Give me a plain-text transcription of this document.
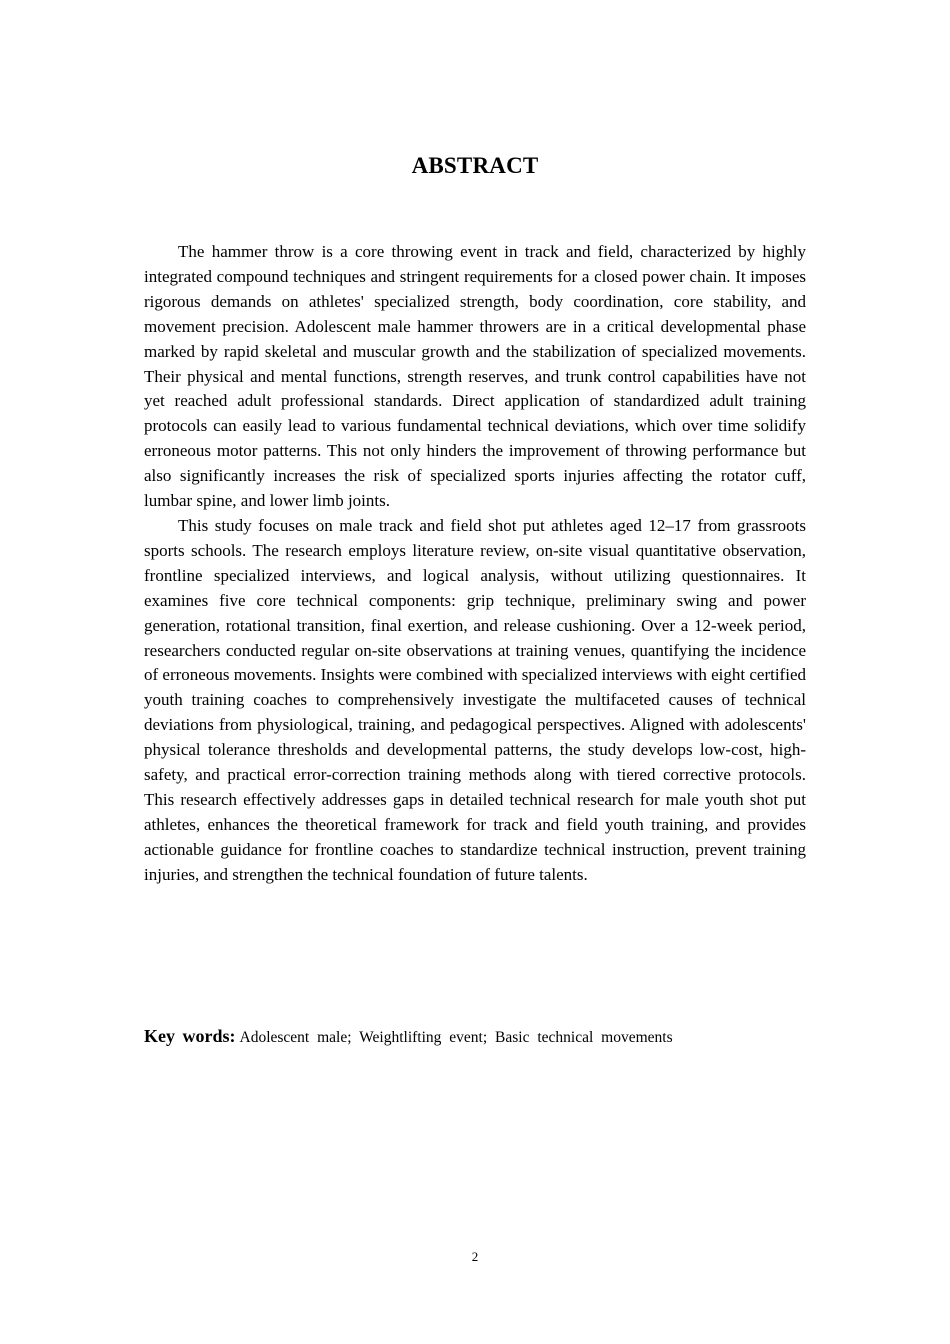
ABSTRACT

The hammer throw is a core throwing event in track and field, characterized by highly integrated compound techniques and stringent requirements for a closed power chain. It imposes rigorous demands on athletes' specialized strength, body coordination, core stability, and movement precision. Adolescent male hammer throwers are in a critical developmental phase marked by rapid skeletal and muscular growth and the stabilization of specialized movements. Their physical and mental functions, strength reserves, and trunk control capabilities have not yet reached adult professional standards. Direct application of standardized adult training protocols can easily lead to various fundamental technical deviations, which over time solidify erroneous motor patterns. This not only hinders the improvement of throwing performance but also significantly increases the risk of specialized sports injuries affecting the rotator cuff, lumbar spine, and lower limb joints.

This study focuses on male track and field shot put athletes aged 12–17 from grassroots sports schools. The research employs literature review, on-site visual quantitative observation, frontline specialized interviews, and logical analysis, without utilizing questionnaires. It examines five core technical components: grip technique, preliminary swing and power generation, rotational transition, final exertion, and release cushioning. Over a 12-week period, researchers conducted regular on-site observations at training venues, quantifying the incidence of erroneous movements. Insights were combined with specialized interviews with eight certified youth training coaches to comprehensively investigate the multifaceted causes of technical deviations from physiological, training, and pedagogical perspectives. Aligned with adolescents' physical tolerance thresholds and developmental patterns, the study develops low-cost, high-safety, and practical error-correction training methods along with tiered corrective protocols. This research effectively addresses gaps in detailed technical research for male youth shot put athletes, enhances the theoretical framework for track and field youth training, and provides actionable guidance for frontline coaches to standardize technical instruction, prevent training injuries, and strengthen the technical foundation of future talents.

Key words: Adolescent male; Weightlifting event; Basic technical movements
2
